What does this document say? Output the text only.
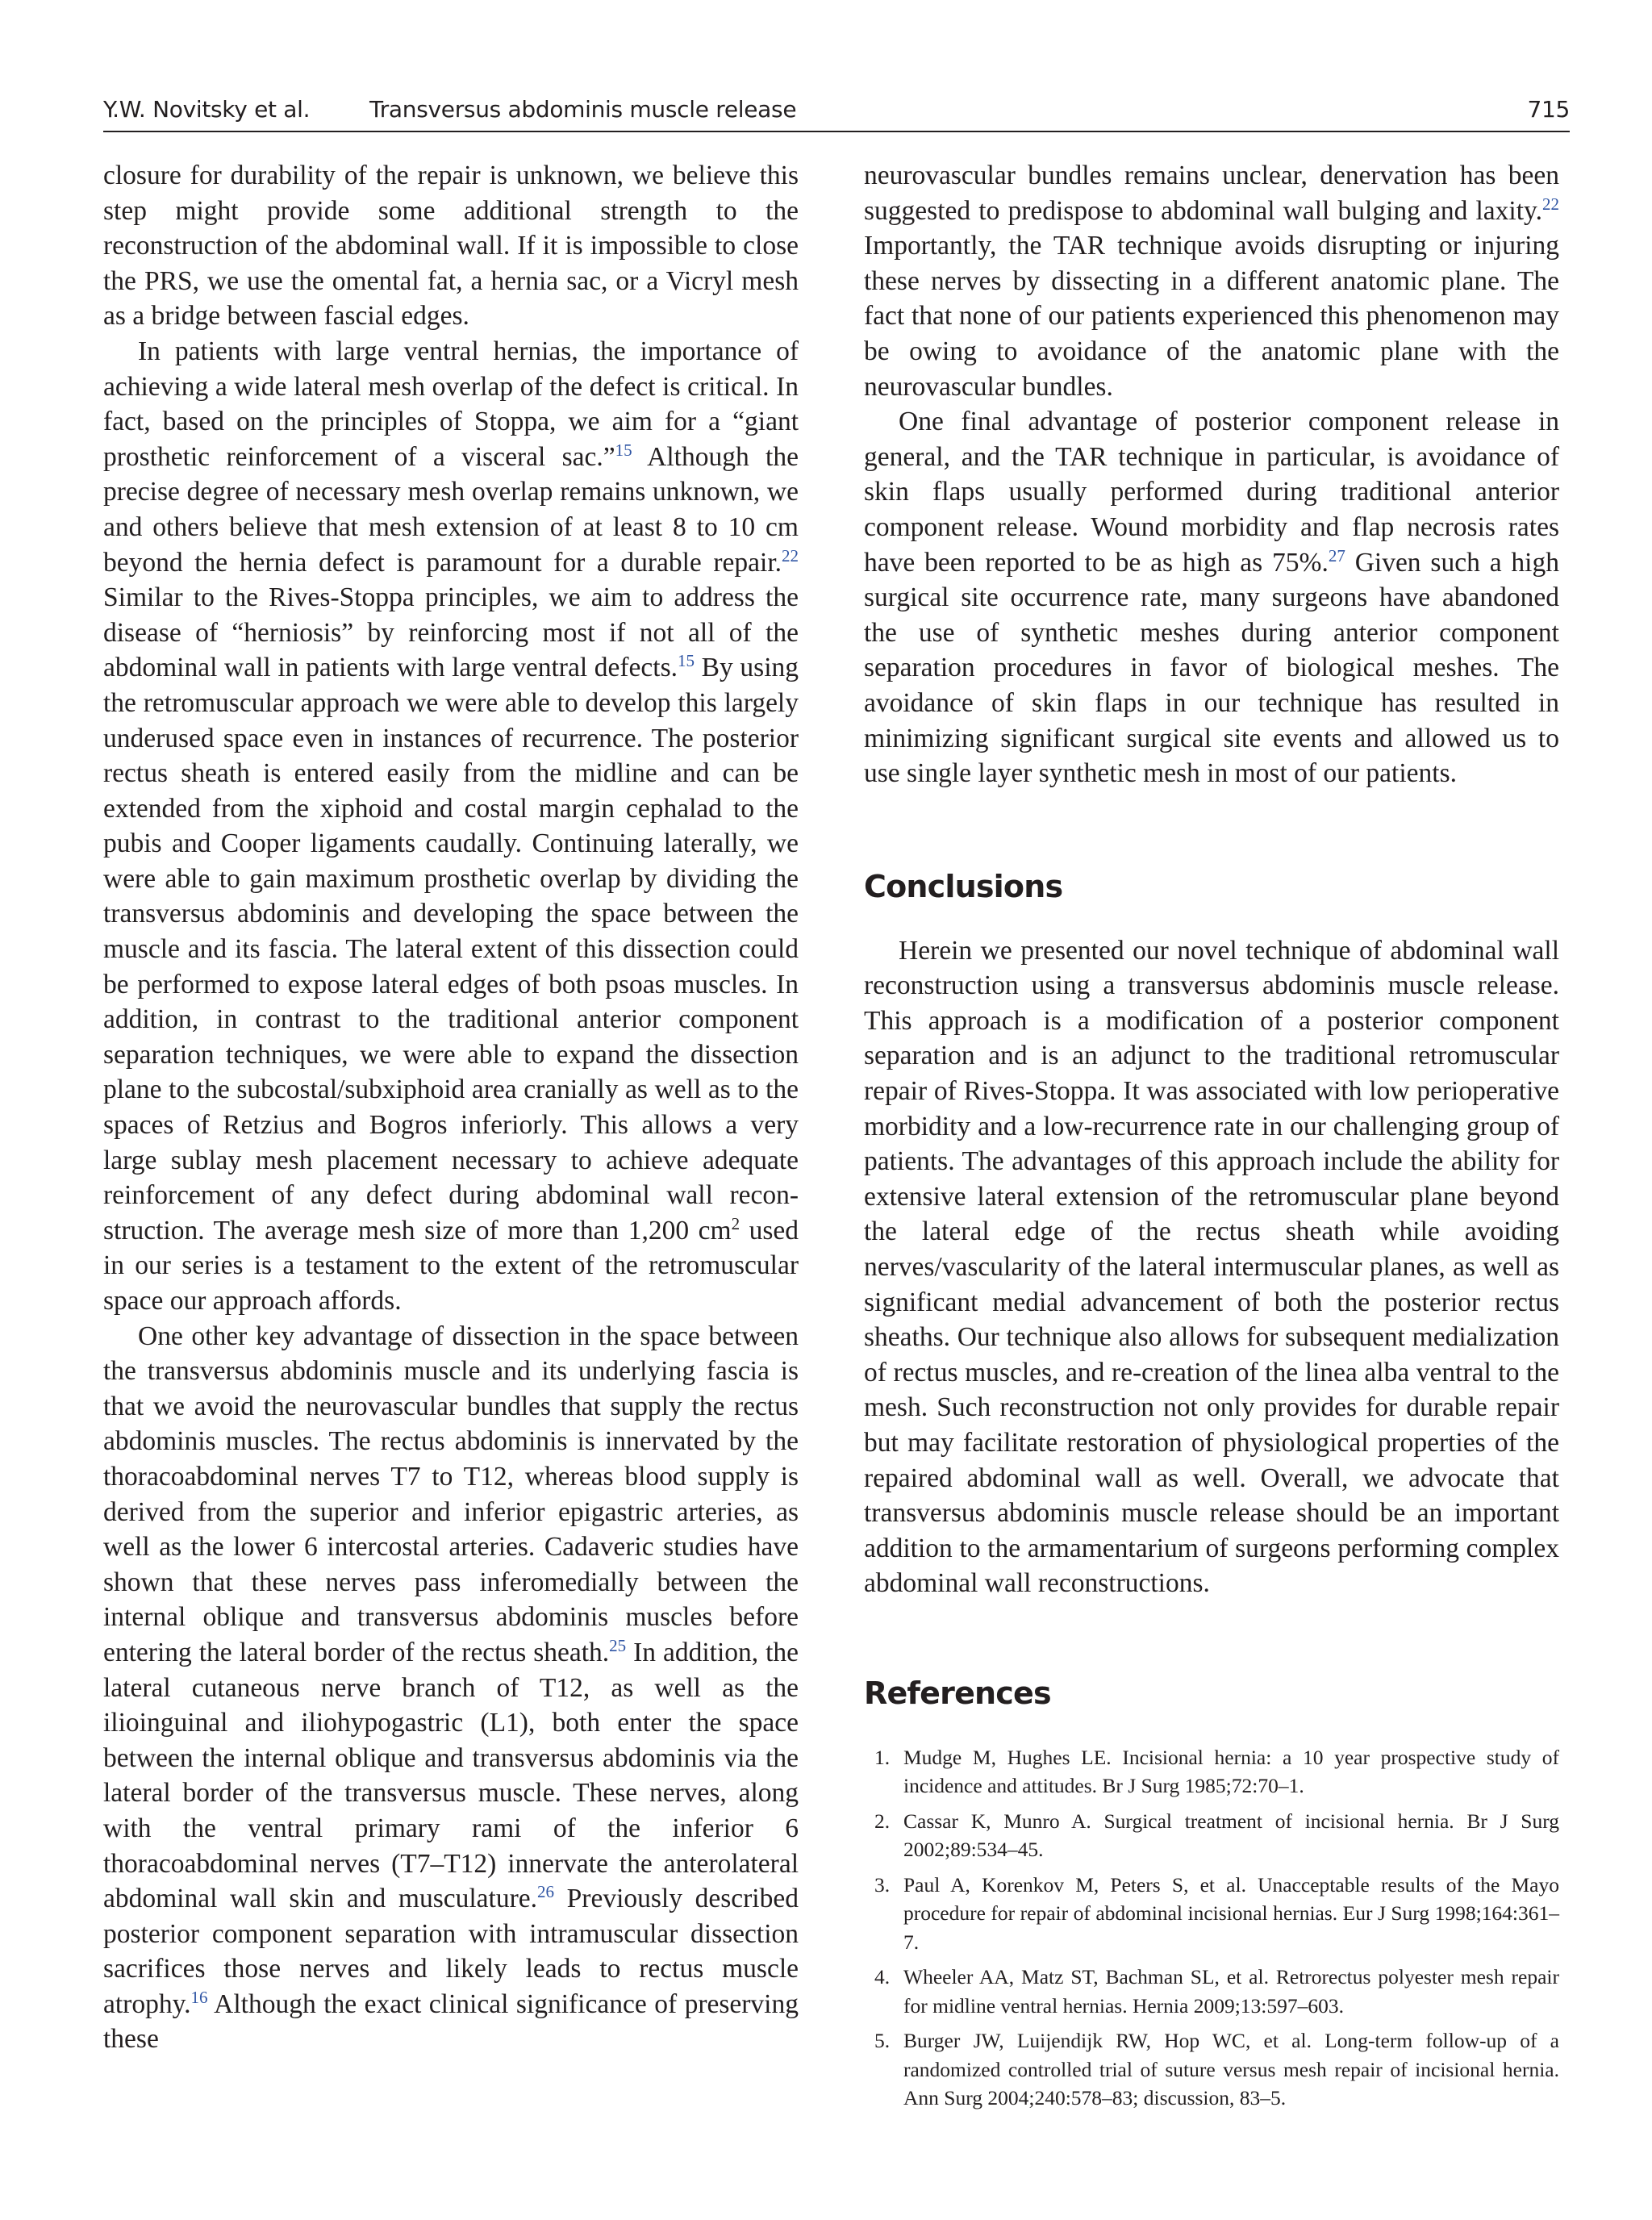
Y.W. Novitsky et al.	Transversus abdominis muscle release	715

closure for durability of the repair is unknown, we believe this step might provide some additional strength to the reconstruction of the abdominal wall. If it is impossible to close the PRS, we use the omental fat, a hernia sac, or a Vicryl mesh as a bridge between fascial edges.

In patients with large ventral hernias, the importance of achieving a wide lateral mesh overlap of the defect is critical. In fact, based on the principles of Stoppa, we aim for a “giant prosthetic reinforcement of a visceral sac.”$^{15}$ Although the precise degree of necessary mesh overlap remains unknown, we and others believe that mesh extension of at least 8 to 10 cm beyond the hernia defect is paramount for a durable repair.$^{22}$ Similar to the Rives-Stoppa principles, we aim to address the disease of “herniosis” by reinforcing most if not all of the abdominal wall in patients with large ventral defects.$^{15}$ By using the retromuscular approach we were able to develop this largely underused space even in instances of recurrence. The posterior rectus sheath is entered easily from the midline and can be extended from the xiphoid and costal margin cephalad to the pubis and Cooper ligaments caudally. Continuing laterally, we were able to gain maximum prosthetic overlap by dividing the transversus abdominis and developing the space between the muscle and its fascia. The lateral extent of this dissection could be performed to expose lateral edges of both psoas muscles. In addition, in contrast to the traditional anterior component separation techniques, we were able to expand the dissection plane to the subcostal/subxiphoid area cranially as well as to the spaces of Retzius and Bogros inferiorly. This allows a very large sublay mesh placement necessary to achieve adequate reinforcement of any defect during abdominal wall reconstruction. The average mesh size of more than 1,200 $cm^2$ used in our series is a testament to the extent of the retromuscular space our approach affords.

One other key advantage of dissection in the space between the transversus abdominis muscle and its underlying fascia is that we avoid the neurovascular bundles that supply the rectus abdominis muscles. The rectus abdominis is innervated by the thoracoabdominal nerves T7 to T12, whereas blood supply is derived from the superior and inferior epigastric arteries, as well as the lower 6 intercostal arteries. Cadaveric studies have shown that these nerves pass inferomedially between the internal oblique and transversus abdominis muscles before entering the lateral border of the rectus sheath.$^{25}$ In addition, the lateral cutaneous nerve branch of T12, as well as the ilioinguinal and iliohypogastric (L1), both enter the space between the internal oblique and transversus abdominis via the lateral border of the transversus muscle. These nerves, along with the ventral primary rami of the inferior 6 thoracoabdominal nerves (T7–T12) innervate the anterolateral abdominal wall skin and musculature.$^{26}$ Previously described posterior component separation with intramuscular dissection sacrifices those nerves and likely leads to rectus muscle atrophy.$^{16}$ Although the exact clinical significance of preserving these

neurovascular bundles remains unclear, denervation has been suggested to predispose to abdominal wall bulging and laxity.$^{22}$ Importantly, the TAR technique avoids disrupting or injuring these nerves by dissecting in a different anatomic plane. The fact that none of our patients experienced this phenomenon may be owing to avoidance of the anatomic plane with the neurovascular bundles.

One final advantage of posterior component release in general, and the TAR technique in particular, is avoidance of skin flaps usually performed during traditional anterior component release. Wound morbidity and flap necrosis rates have been reported to be as high as 75%.$^{27}$ Given such a high surgical site occurrence rate, many surgeons have abandoned the use of synthetic meshes during anterior component separation procedures in favor of biological meshes. The avoidance of skin flaps in our technique has resulted in minimizing significant surgical site events and allowed us to use single layer synthetic mesh in most of our patients.

Conclusions

Herein we presented our novel technique of abdominal wall reconstruction using a transversus abdominis muscle release. This approach is a modification of a posterior component separation and is an adjunct to the traditional retromuscular repair of Rives-Stoppa. It was associated with low perioperative morbidity and a low-recurrence rate in our challenging group of patients. The advantages of this approach include the ability for extensive lateral extension of the retromuscular plane beyond the lateral edge of the rectus sheath while avoiding nerves/vascularity of the lateral intermuscular planes, as well as significant medial advancement of both the posterior rectus sheaths. Our technique also allows for subsequent medialization of rectus muscles, and re-creation of the linea alba ventral to the mesh. Such reconstruction not only provides for durable repair but may facilitate restoration of physiological properties of the repaired abdominal wall as well. Overall, we advocate that transversus abdominis muscle release should be an important addition to the armamentarium of surgeons performing complex abdominal wall reconstructions.

References
1. Mudge M, Hughes LE. Incisional hernia: a 10 year prospective study of incidence and attitudes. Br J Surg 1985;72:70–1.
2. Cassar K, Munro A. Surgical treatment of incisional hernia. Br J Surg 2002;89:534–45.
3. Paul A, Korenkov M, Peters S, et al. Unacceptable results of the Mayo procedure for repair of abdominal incisional hernias. Eur J Surg 1998;164:361–7.
4. Wheeler AA, Matz ST, Bachman SL, et al. Retrorectus polyester mesh repair for midline ventral hernias. Hernia 2009;13:597–603.
5. Burger JW, Luijendijk RW, Hop WC, et al. Long-term follow-up of a randomized controlled trial of suture versus mesh repair of incisional hernia. Ann Surg 2004;240:578–83; discussion, 83–5.
